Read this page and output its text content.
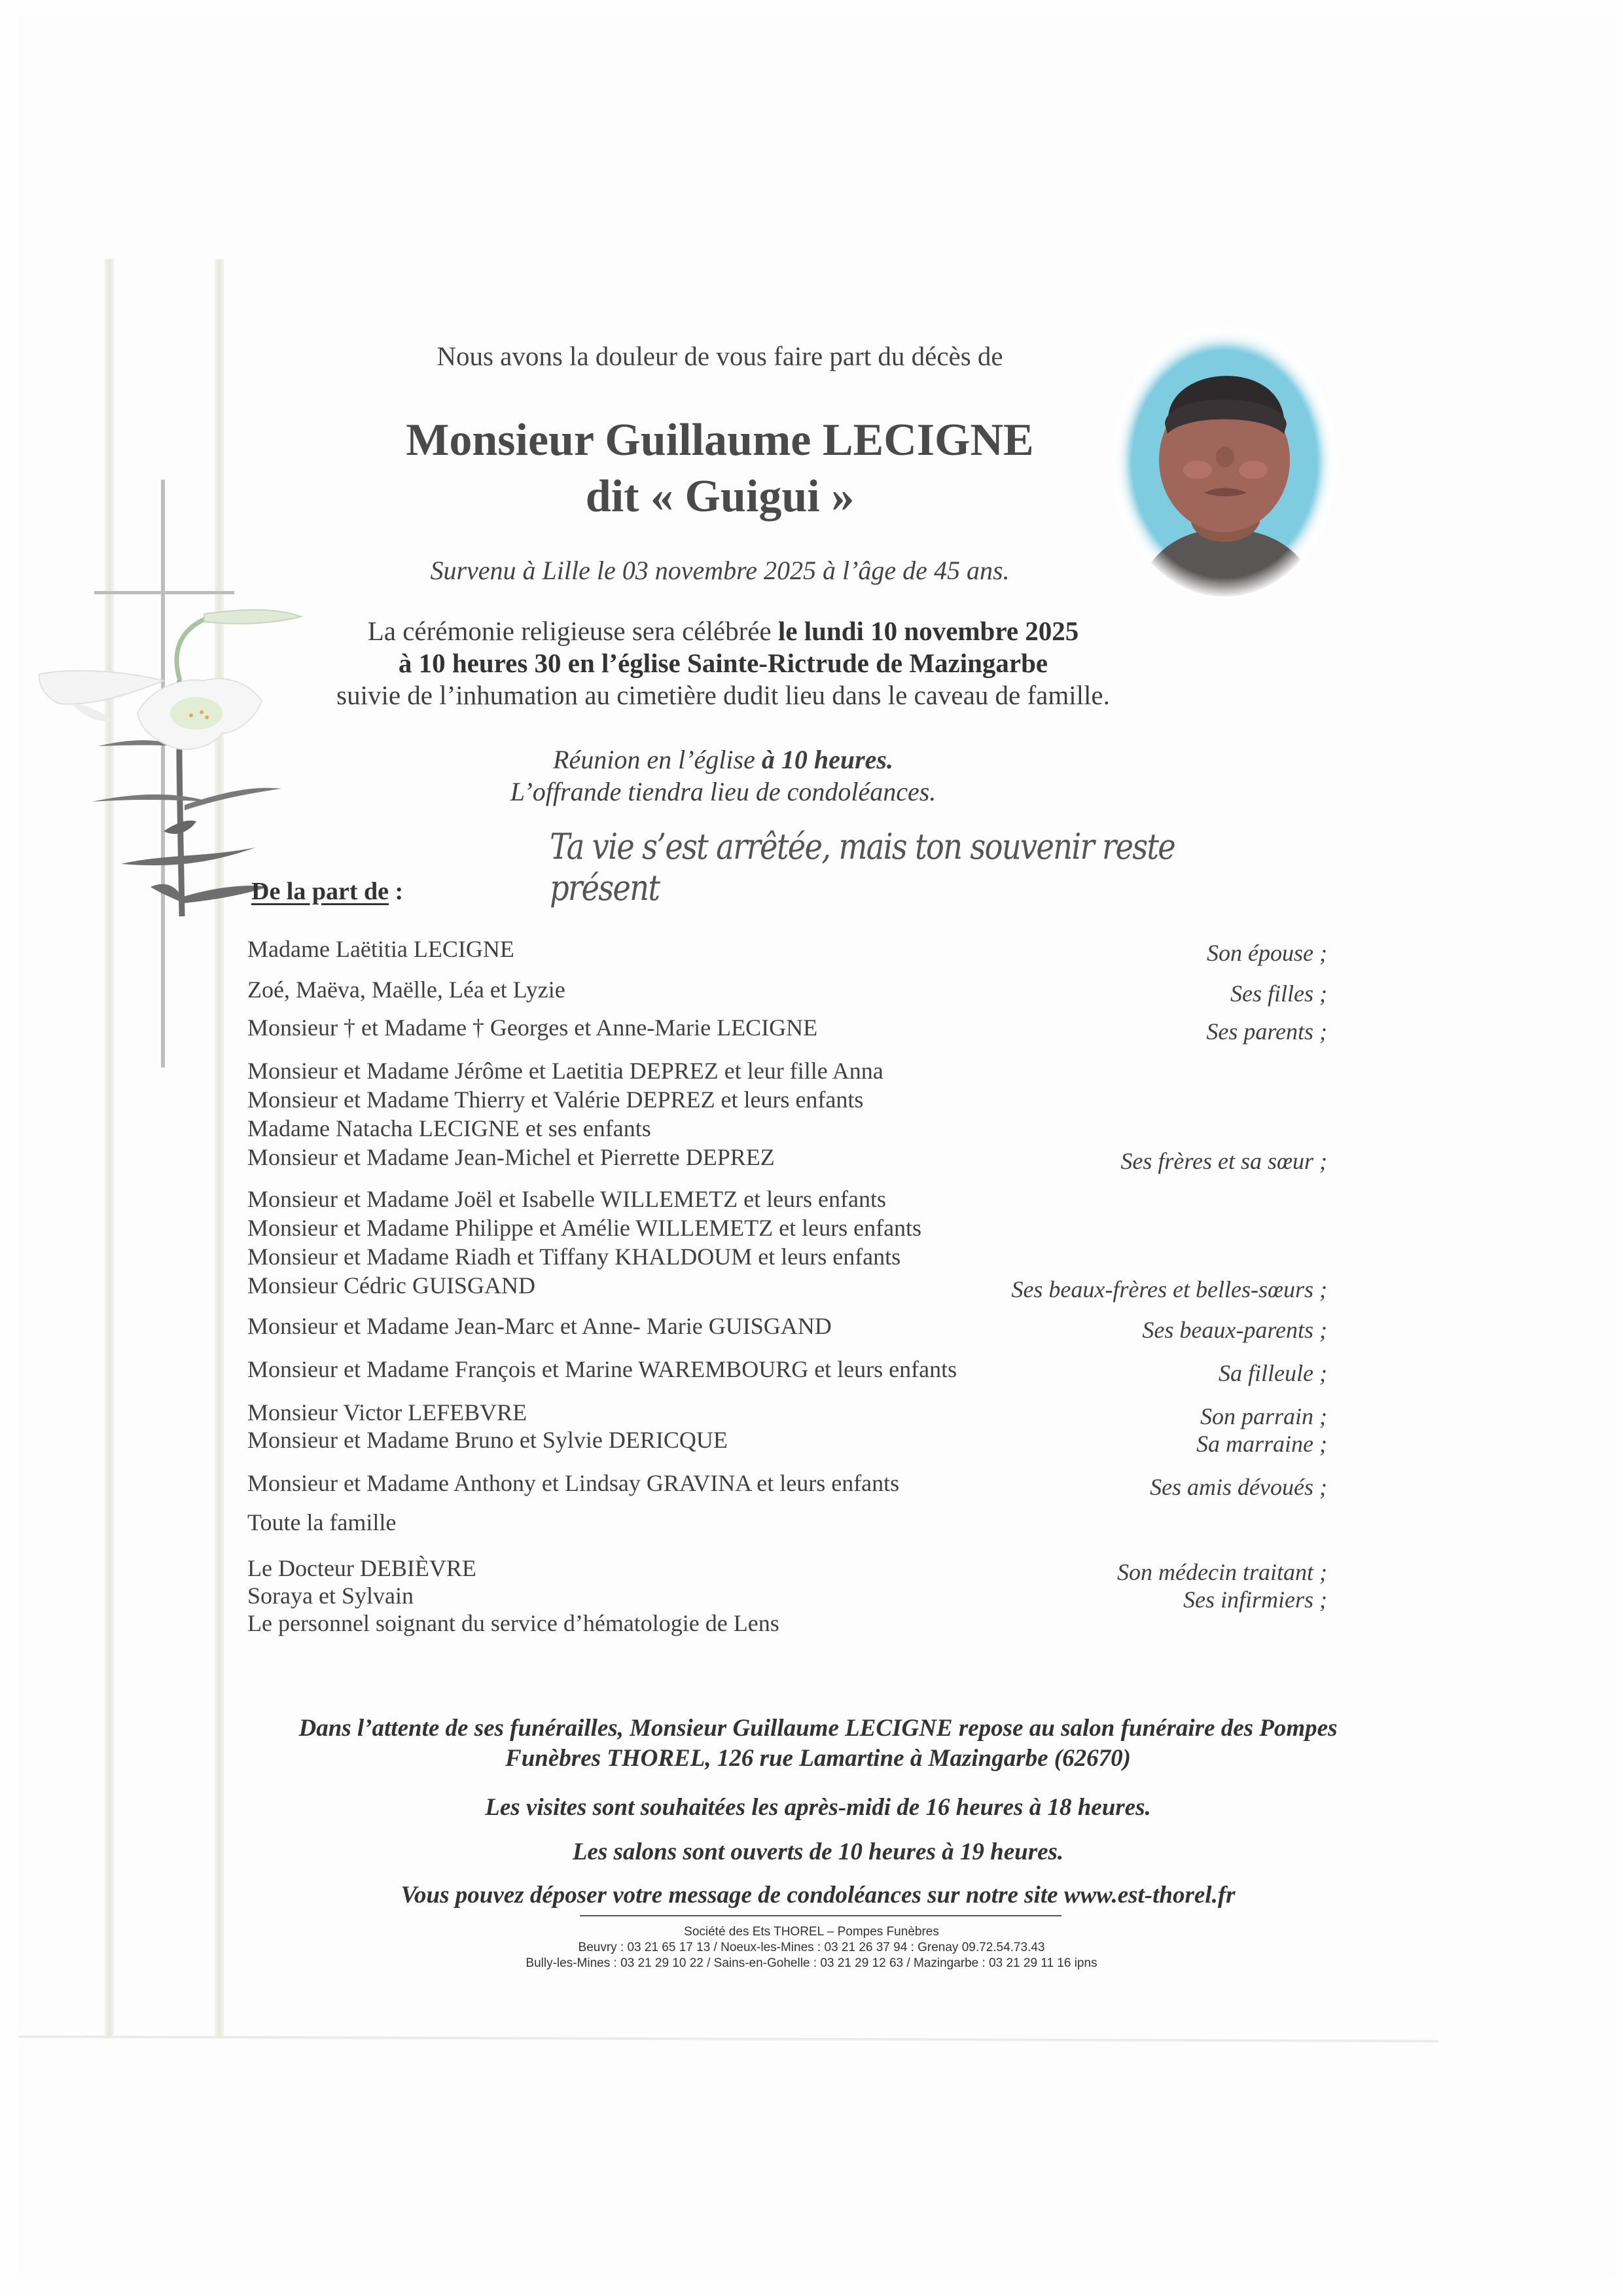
Nous avons la douleur de vous faire part du décès de
Monsieur Guillaume LECIGNE
dit « Guigui »
Survenu à Lille le 03 novembre 2025 à l’âge de 45 ans.
La cérémonie religieuse sera célébrée le lundi 10 novembre 2025
à 10 heures 30 en l’église Sainte-Rictrude de Mazingarbe
suivie de l’inhumation au cimetière dudit lieu dans le caveau de famille.
Réunion en l’église à 10 heures.
L’offrande tiendra lieu de condoléances.
Ta vie s’est arrêtée, mais ton souvenir reste présent
De la part de :
Madame Laëtitia LECIGNE	Son épouse ;
Zoé, Maëva, Maëlle, Léa et Lyzie	Ses filles ;
Monsieur † et Madame † Georges et Anne-Marie LECIGNE	Ses parents ;
Monsieur et Madame Jérôme et Laetitia DEPREZ et leur fille Anna
Monsieur et Madame Thierry et Valérie DEPREZ et leurs enfants
Madame Natacha LECIGNE et ses enfants
Monsieur et Madame Jean-Michel et Pierrette DEPREZ	Ses frères et sa sœur ;
Monsieur et Madame Joël et Isabelle WILLEMETZ et leurs enfants
Monsieur et Madame Philippe et Amélie WILLEMETZ et leurs enfants
Monsieur et Madame Riadh et Tiffany KHALDOUM et leurs enfants
Monsieur Cédric GUISGAND	Ses beaux-frères et belles-sœurs ;
Monsieur et Madame Jean-Marc et Anne- Marie GUISGAND	Ses beaux-parents ;
Monsieur et Madame François et Marine WAREMBOURG et leurs enfants	Sa filleule ;
Monsieur Victor LEFEBVRE	Son parrain ;
Monsieur et Madame Bruno et Sylvie DERICQUE	Sa marraine ;
Monsieur et Madame Anthony et Lindsay GRAVINA et leurs enfants	Ses amis dévoués ;
Toute la famille
Le Docteur DEBIÈVRE	Son médecin traitant ;
Soraya et Sylvain	Ses infirmiers ;
Le personnel soignant du service d’hématologie de Lens
Dans l’attente de ses funérailles, Monsieur Guillaume LECIGNE repose au salon funéraire des Pompes Funèbres THOREL, 126 rue Lamartine à Mazingarbe (62670)
Les visites sont souhaitées les après-midi de 16 heures à 18 heures.
Les salons sont ouverts de 10 heures à 19 heures.
Vous pouvez déposer votre message de condoléances sur notre site www.est-thorel.fr
Société des Ets THOREL – Pompes Funèbres
Beuvry : 03 21 65 17 13 / Noeux-les-Mines : 03 21 26 37 94 : Grenay 09.72.54.73.43
Bully-les-Mines : 03 21 29 10 22 / Sains-en-Gohelle : 03 21 29 12 63 / Mazingarbe : 03 21 29 11 16 ipns
